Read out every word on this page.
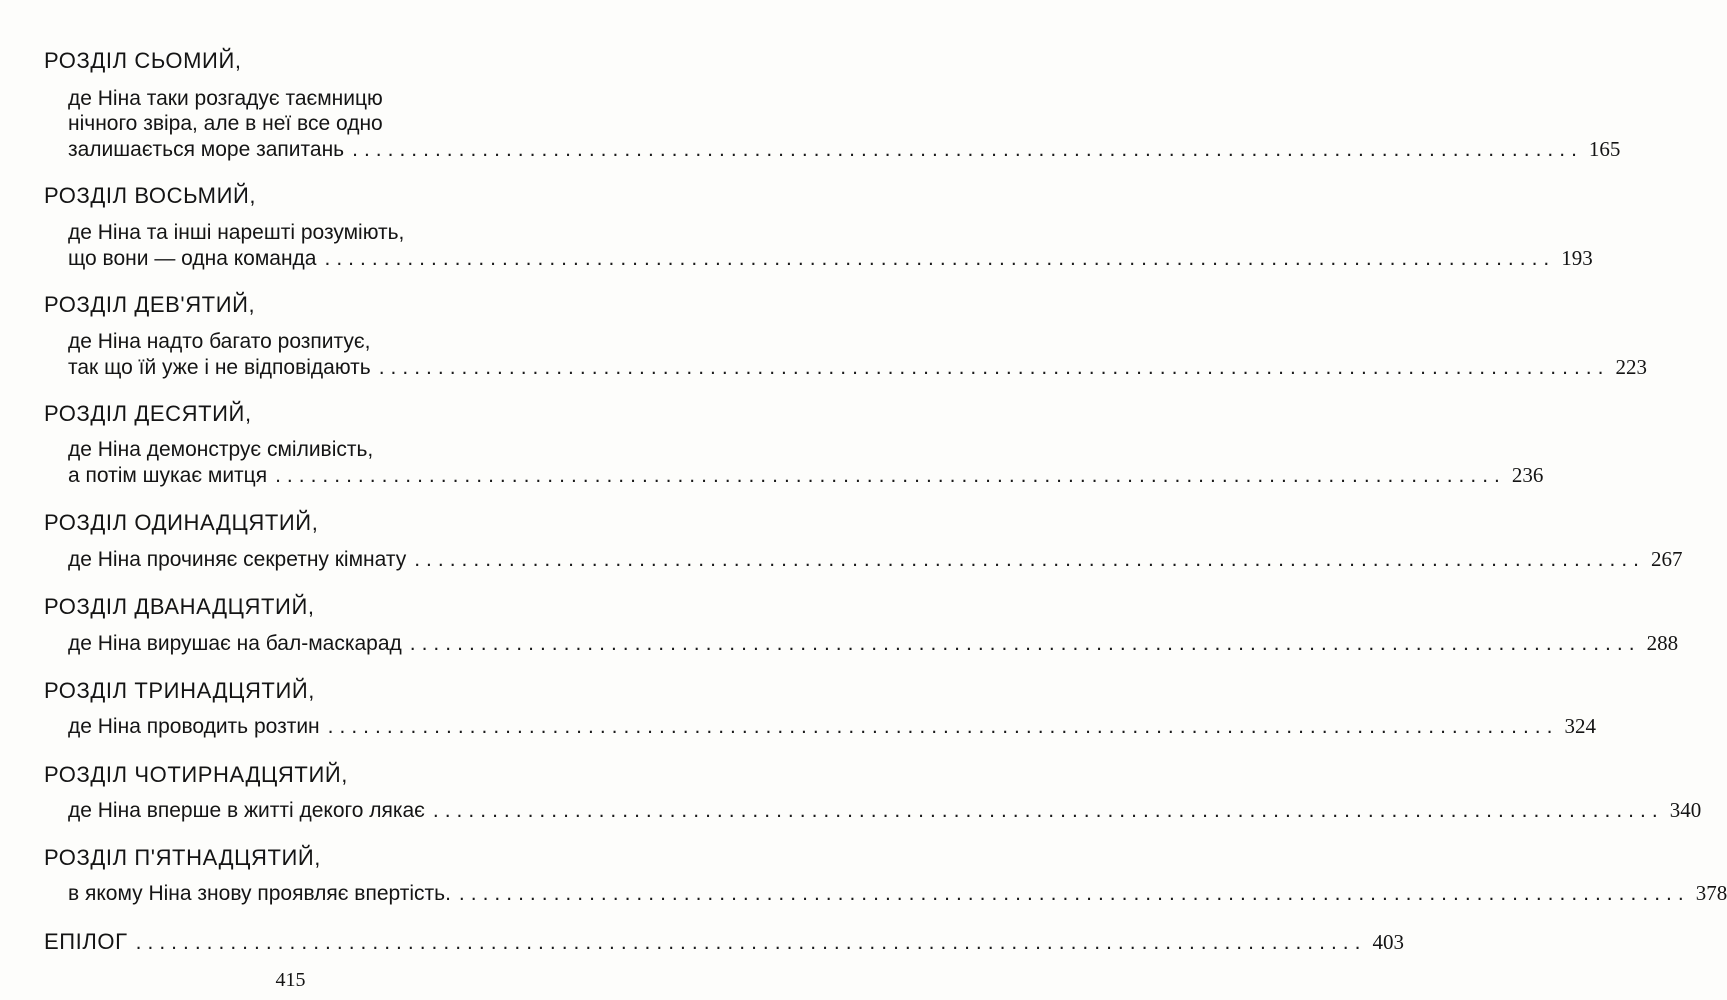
РОЗДІЛ СЬОМИЙ,
де Ніна таки розгадує таємницю
нічного звіра, але в неї все одно
залишається море запитань ........................................................................................................ 165
РОЗДІЛ ВОСЬМИЙ,
де Ніна та інші нарешті розуміють,
що вони — одна команда ........................................................................................................ 193
РОЗДІЛ ДЕВ'ЯТИЙ,
де Ніна надто багато розпитує,
так що їй уже і не відповідають ........................................................................................................ 223
РОЗДІЛ ДЕСЯТИЙ,
де Ніна демонструє сміливість,
а потім шукає митця ........................................................................................................ 236
РОЗДІЛ ОДИНАДЦЯТИЙ,
де Ніна прочиняє секретну кімнату ........................................................................................................ 267
РОЗДІЛ ДВАНАДЦЯТИЙ,
де Ніна вирушає на бал-маскарад ........................................................................................................ 288
РОЗДІЛ ТРИНАДЦЯТИЙ,
де Ніна проводить розтин ........................................................................................................ 324
РОЗДІЛ ЧОТИРНАДЦЯТИЙ,
де Ніна вперше в житті декого лякає ........................................................................................................ 340
РОЗДІЛ П'ЯТНАДЦЯТИЙ,
в якому Ніна знову проявляє впертість. ........................................................................................................ 378
ЕПІЛОГ ........................................................................................................ 403
415
